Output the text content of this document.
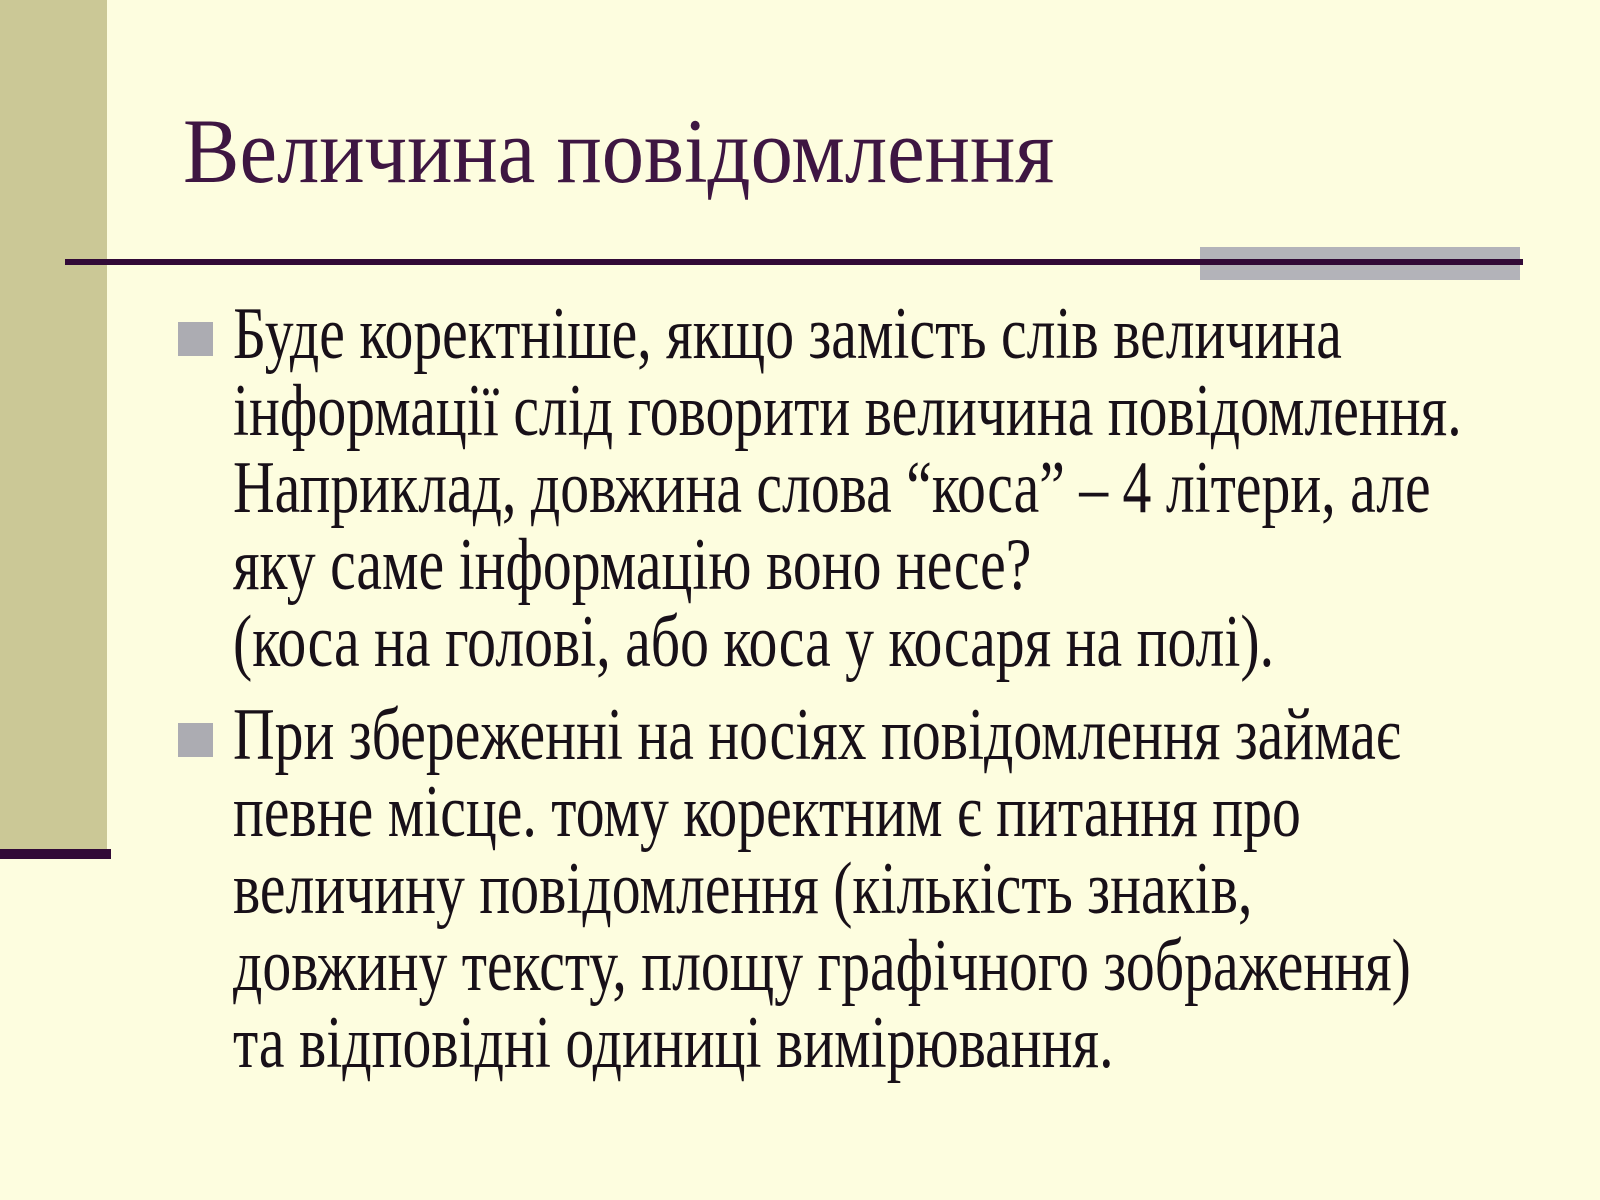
Величина повідомлення
Буде коректніше, якщо замість слів величина
інформації слід говорити величина повідомлення.
Наприклад, довжина слова “коса” – 4 літери, але
яку саме інформацію воно несе?
(коса на голові, або коса у косаря на полі).
При збереженні на носіях повідомлення займає
певне місце. тому коректним є питання про
величину повідомлення (кількість знаків,
довжину тексту, площу графічного зображення)
та відповідні одиниці вимірювання.
